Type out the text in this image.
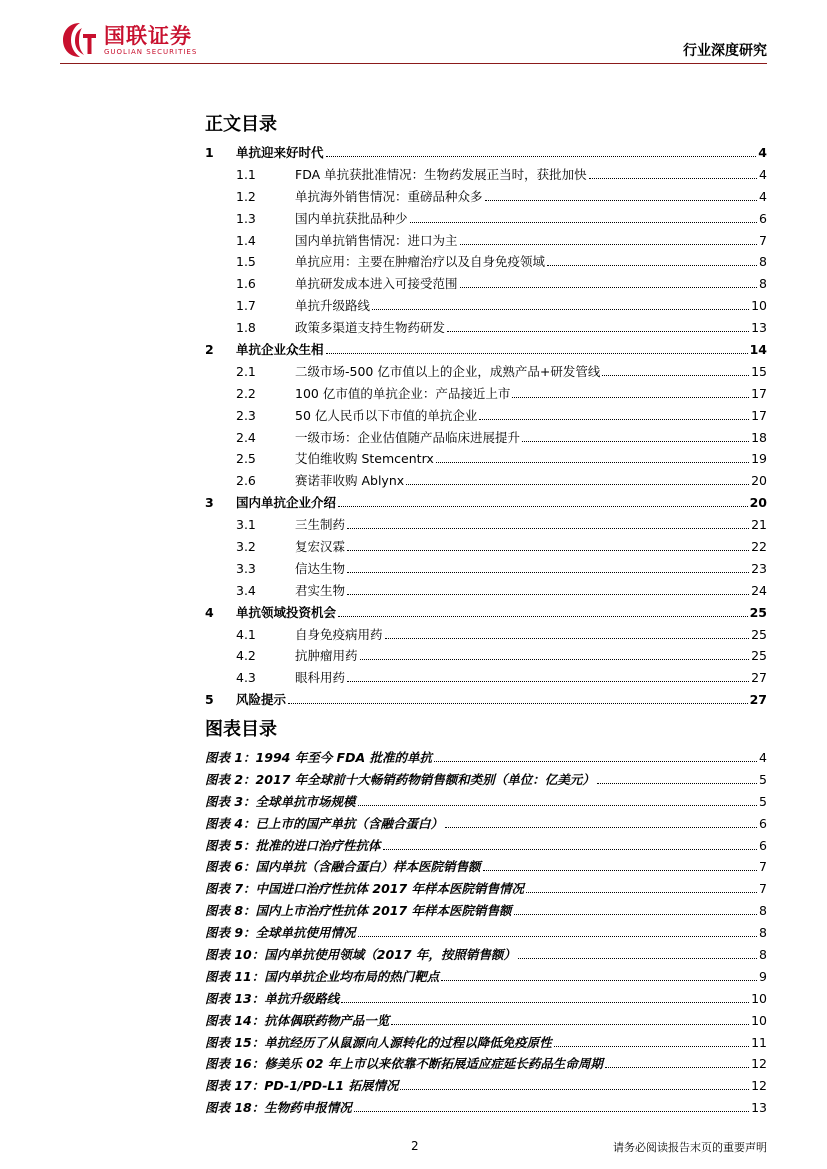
国联证券
GUOLIAN SECURITIES	行业深度研究
正文目录
1	单抗迎来好时代	4
1.1	FDA 单抗获批准情况：生物药发展正当时，获批加快	4
1.2	单抗海外销售情况：重磅品种众多	4
1.3	国内单抗获批品种少	6
1.4	国内单抗销售情况：进口为主	7
1.5	单抗应用：主要在肿瘤治疗以及自身免疫领域	8
1.6	单抗研发成本进入可接受范围	8
1.7	单抗升级路线	10
1.8	政策多渠道支持生物药研发	13
2	单抗企业众生相	14
2.1	二级市场-500 亿市值以上的企业，成熟产品+研发管线	15
2.2	100 亿市值的单抗企业：产品接近上市	17
2.3	50 亿人民币以下市值的单抗企业	17
2.4	一级市场：企业估值随产品临床进展提升	18
2.5	艾伯维收购 Stemcentrx	19
2.6	赛诺菲收购 Ablynx	20
3	国内单抗企业介绍	20
3.1	三生制药	21
3.2	复宏汉霖	22
3.3	信达生物	23
3.4	君实生物	24
4	单抗领域投资机会	25
4.1	自身免疫病用药	25
4.2	抗肿瘤用药	25
4.3	眼科用药	27
5	风险提示	27
图表目录
图表 1：1994 年至今 FDA 批准的单抗	4
图表 2：2017 年全球前十大畅销药物销售额和类别（单位：亿美元）	5
图表 3：全球单抗市场规模	5
图表 4：已上市的国产单抗（含融合蛋白）	6
图表 5：批准的进口治疗性抗体	6
图表 6：国内单抗（含融合蛋白）样本医院销售额	7
图表 7：中国进口治疗性抗体 2017 年样本医院销售情况	7
图表 8：国内上市治疗性抗体 2017 年样本医院销售额	8
图表 9：全球单抗使用情况	8
图表 10：国内单抗使用领域（2017 年，按照销售额）	8
图表 11：国内单抗企业均布局的热门靶点	9
图表 13：单抗升级路线	10
图表 14：抗体偶联药物产品一览	10
图表 15：单抗经历了从鼠源向人源转化的过程以降低免疫原性	11
图表 16：修美乐 02 年上市以来依靠不断拓展适应症延长药品生命周期	12
图表 17：PD-1/PD-L1 拓展情况	12
图表 18：生物药申报情况	13
2	请务必阅读报告末页的重要声明
